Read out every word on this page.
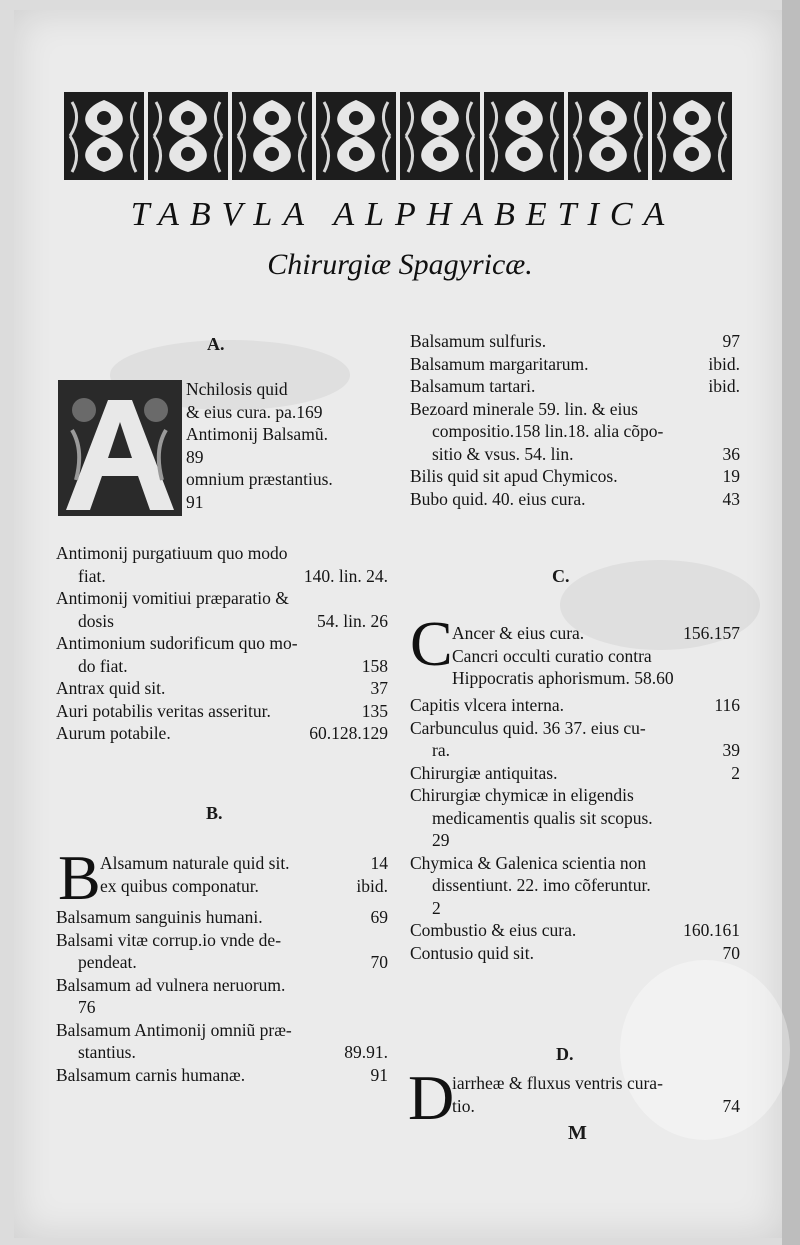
TABVLA ALPHABETICA
Chirurgiæ Spagyricæ.
A.
Nchilosis quid
& eius cura. pa.169
Antimonij Balsamũ.
89
omnium præstantius.
91
Antimonij purgatiuum quo modo
fiat.	140. lin. 24.
Antimonij vomitiui præparatio &
dosis	54. lin. 26
Antimonium sudorificum quo mo-
do fiat.	158
Antrax quid sit.	37
Auri potabilis veritas asseritur.	135
Aurum potabile.	60.128.129
B.
B Alsamum naturale quid sit.	14
ex quibus componatur.	ibid.
Balsamum sanguinis humani.	69
Balsami vitæ corrup.io vnde de-
pendeat.	70
Balsamum ad vulnera neruorum.
76
Balsamum Antimonij omniũ præ-
stantius.	89.91.
Balsamum carnis humanæ.	91
Balsamum sulfuris.	97
Balsamum margaritarum.	ibid.
Balsamum tartari.	ibid.
Bezoard minerale 59. lin. & eius
compositio.158 lin.18. alia cõpo-
sitio & vsus. 54. lin.	36
Bilis quid sit apud Chymicos.	19
Bubo quid. 40. eius cura.	43
C.
C Ancer & eius cura.	156.157
Cancri occulti curatio contra
Hippocratis aphorismum. 58.60
Capitis vlcera interna.	116
Carbunculus quid. 36 37. eius cu-
ra.	39
Chirurgiæ antiquitas.	2
Chirurgiæ chymicæ in eligendis
medicamentis qualis sit scopus.
29
Chymica & Galenica scientia non
dissentiunt. 22. imo cõferuntur.
2
Combustio & eius cura.	160.161
Contusio quid sit.	70
D.
D
iarrheæ & fluxus ventris cura-
tio.	74
M
